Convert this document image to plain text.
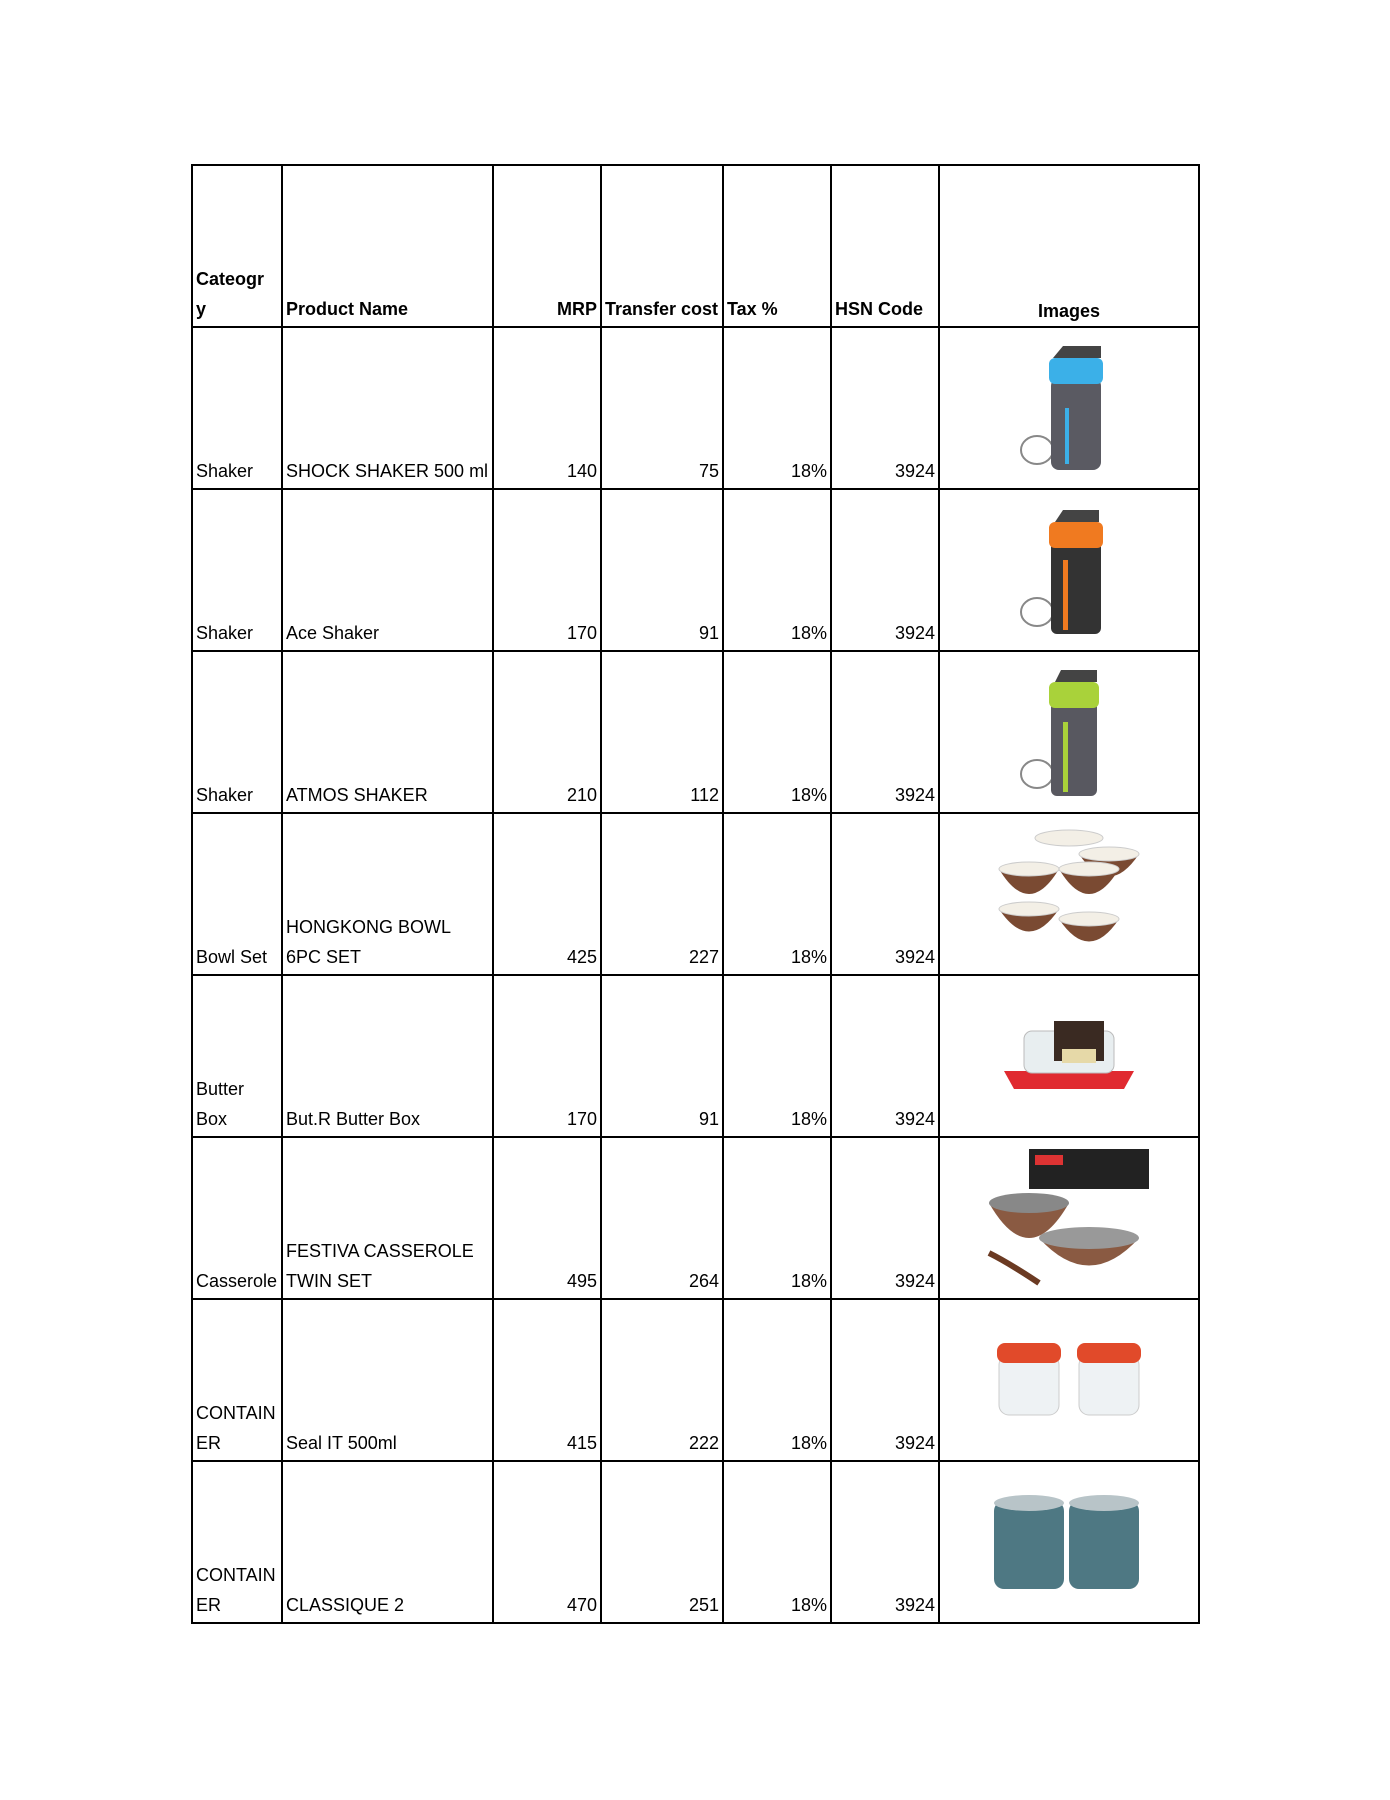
Cateogr y	Product Name	MRP	Transfer cost	Tax %	HSN Code	Images
Shaker	SHOCK SHAKER 500 ml	140	75	18%	3924	

Shaker	Ace Shaker	170	91	18%	3924	

Shaker	ATMOS SHAKER	210	112	18%	3924	

Bowl Set	HONGKONG BOWL 6PC SET	425	227	18%	3924	

Butter Box	But.R Butter Box	170	91	18%	3924	

Casserole	FESTIVA CASSEROLE TWIN SET	495	264	18%	3924	

CONTAINER	Seal IT 500ml	415	222	18%	3924	

CONTAINER	CLASSIQUE 2	470	251	18%	3924	
